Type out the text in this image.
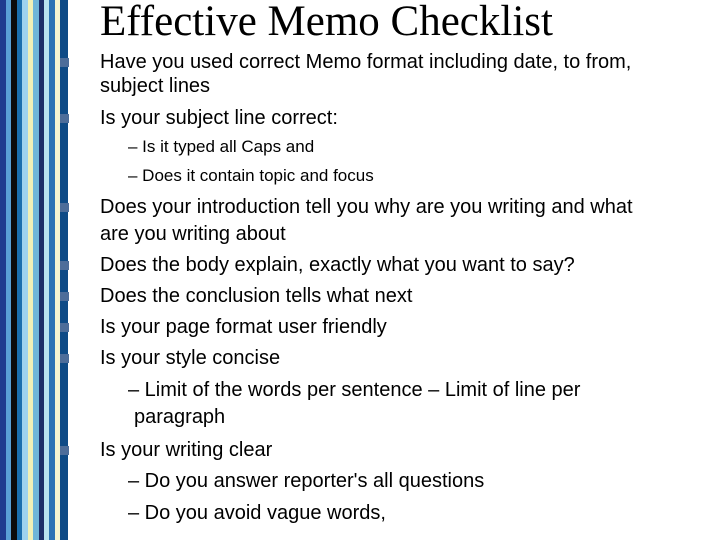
Effective Memo Checklist
Have you used correct Memo format including date, to from,
subject lines
Is your subject line correct:
– Is it typed all Caps and
– Does it contain topic and focus
Does your introduction tell you why are you writing and what
are you writing about
Does the body explain, exactly what you want to say?
Does the conclusion tells what next
Is your page format user friendly
Is your style concise
– Limit of the words per sentence – Limit of line per
paragraph
Is your writing clear
– Do you answer reporter's all questions
– Do you avoid vague words,
